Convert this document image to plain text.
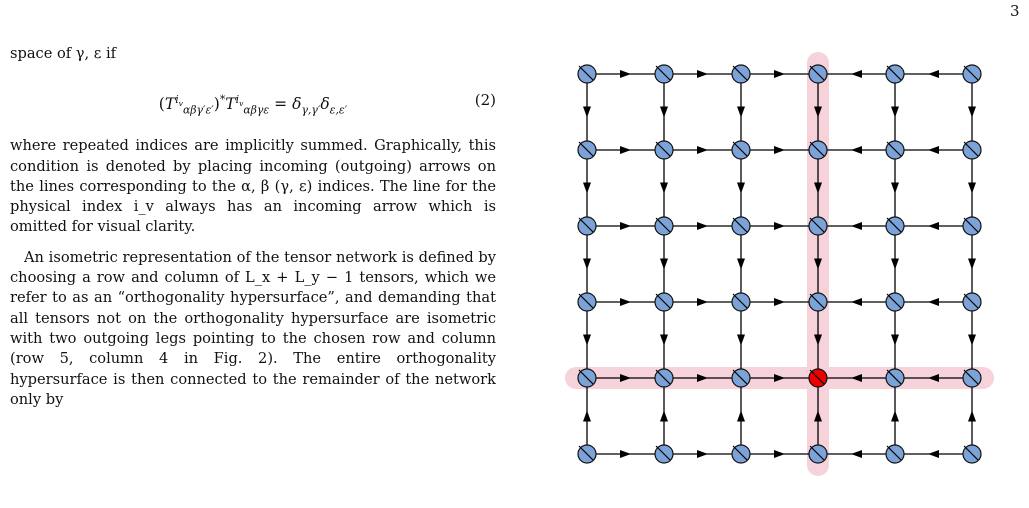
3

space of γ, ε if

$(T^{i_v}_{\alpha\beta\gamma'\varepsilon'})^*T^{i_v}_{\alpha\beta\gamma\varepsilon} = \delta_{\gamma,\gamma'}\delta_{\varepsilon,\varepsilon'}$
(2)

where repeated indices are implicitly summed. Graphically, this condition is denoted by placing incoming (outgoing) arrows on the lines corresponding to the α, β (γ, ε) indices. The line for the physical index i_v always has an incoming arrow which is omitted for visual clarity.

An isometric representation of the tensor network is defined by choosing a row and column of L_x + L_y − 1 tensors, which we refer to as an “orthogonality hypersurface”, and demanding that all tensors not on the orthogonality hypersurface are isometric with two outgoing legs pointing to the chosen row and column (row 5, column 4 in Fig. 2). The entire orthogonality hypersurface is then connected to the remainder of the network only by
